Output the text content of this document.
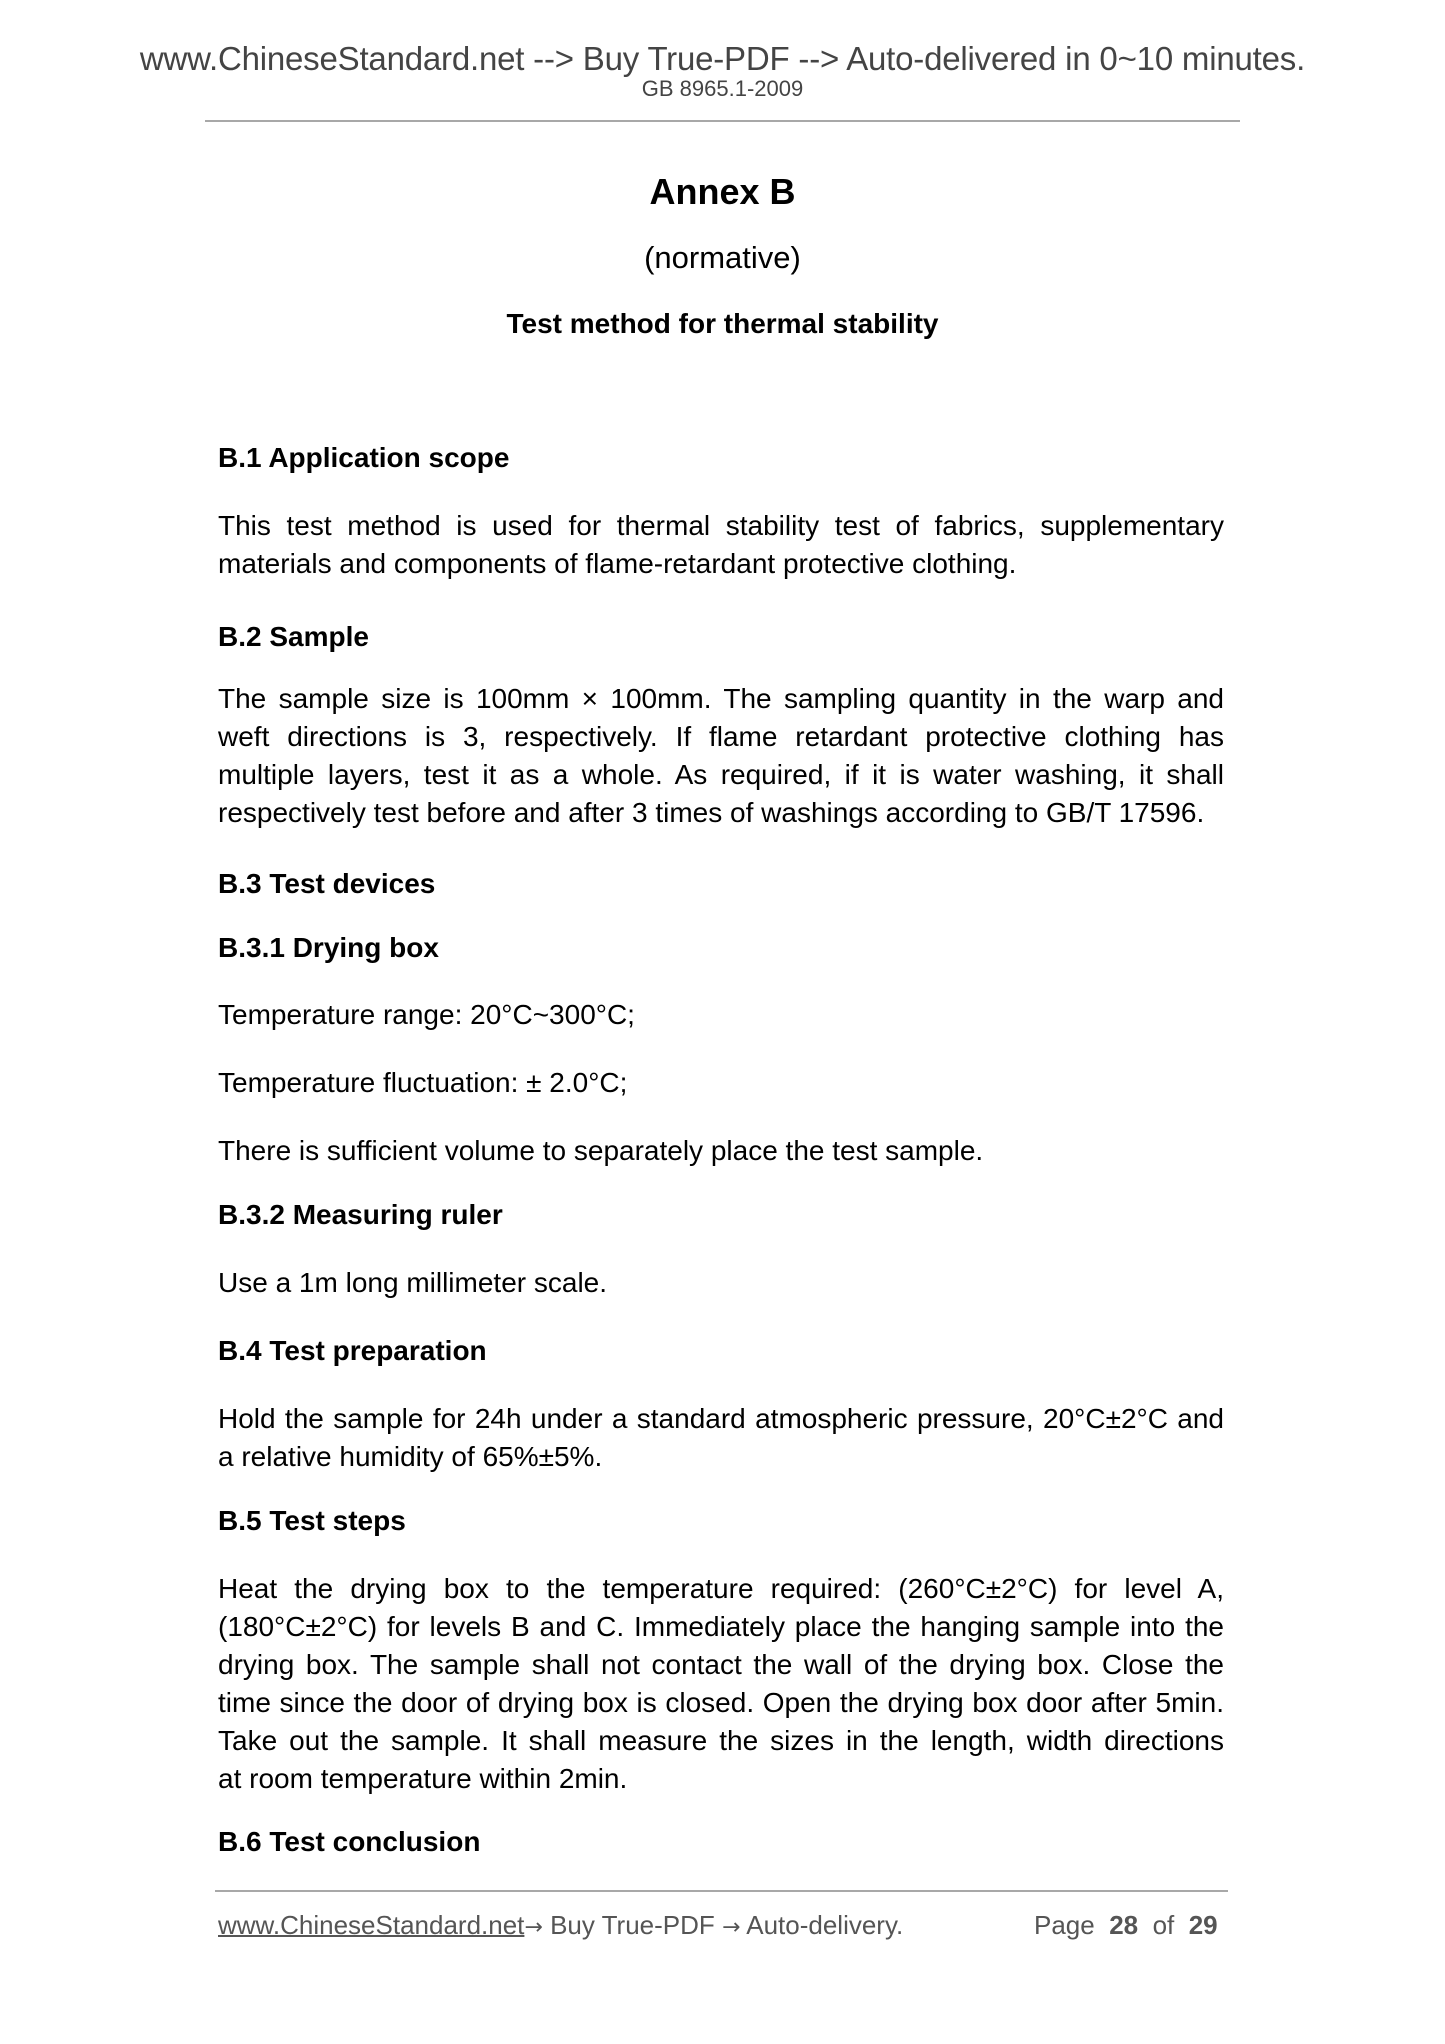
www.ChineseStandard.net --> Buy True-PDF --> Auto-delivered in 0~10 minutes.
GB 8965.1-2009
Annex B
(normative)
Test method for thermal stability
B.1 Application scope
This test method is used for thermal stability test of fabrics, supplementary
materials and components of flame-retardant protective clothing.
B.2 Sample
The sample size is 100mm × 100mm. The sampling quantity in the warp and
weft directions is 3, respectively. If flame retardant protective clothing has
multiple layers, test it as a whole. As required, if it is water washing, it shall
respectively test before and after 3 times of washings according to GB/T 17596.
B.3 Test devices
B.3.1 Drying box
Temperature range: 20°C~300°C;
Temperature fluctuation: ± 2.0°C;
There is sufficient volume to separately place the test sample.
B.3.2 Measuring ruler
Use a 1m long millimeter scale.
B.4 Test preparation
Hold the sample for 24h under a standard atmospheric pressure, 20°C±2°C and
a relative humidity of 65%±5%.
B.5 Test steps
Heat the drying box to the temperature required: (260°C±2°C) for level A,
(180°C±2°C) for levels B and C. Immediately place the hanging sample into the
drying box. The sample shall not contact the wall of the drying box. Close the
time since the door of drying box is closed. Open the drying box door after 5min.
Take out the sample. It shall measure the sizes in the length, width directions
at room temperature within 2min.
B.6 Test conclusion
www.ChineseStandard.net→ Buy True-PDF → Auto-delivery.	Page 28 of 29
